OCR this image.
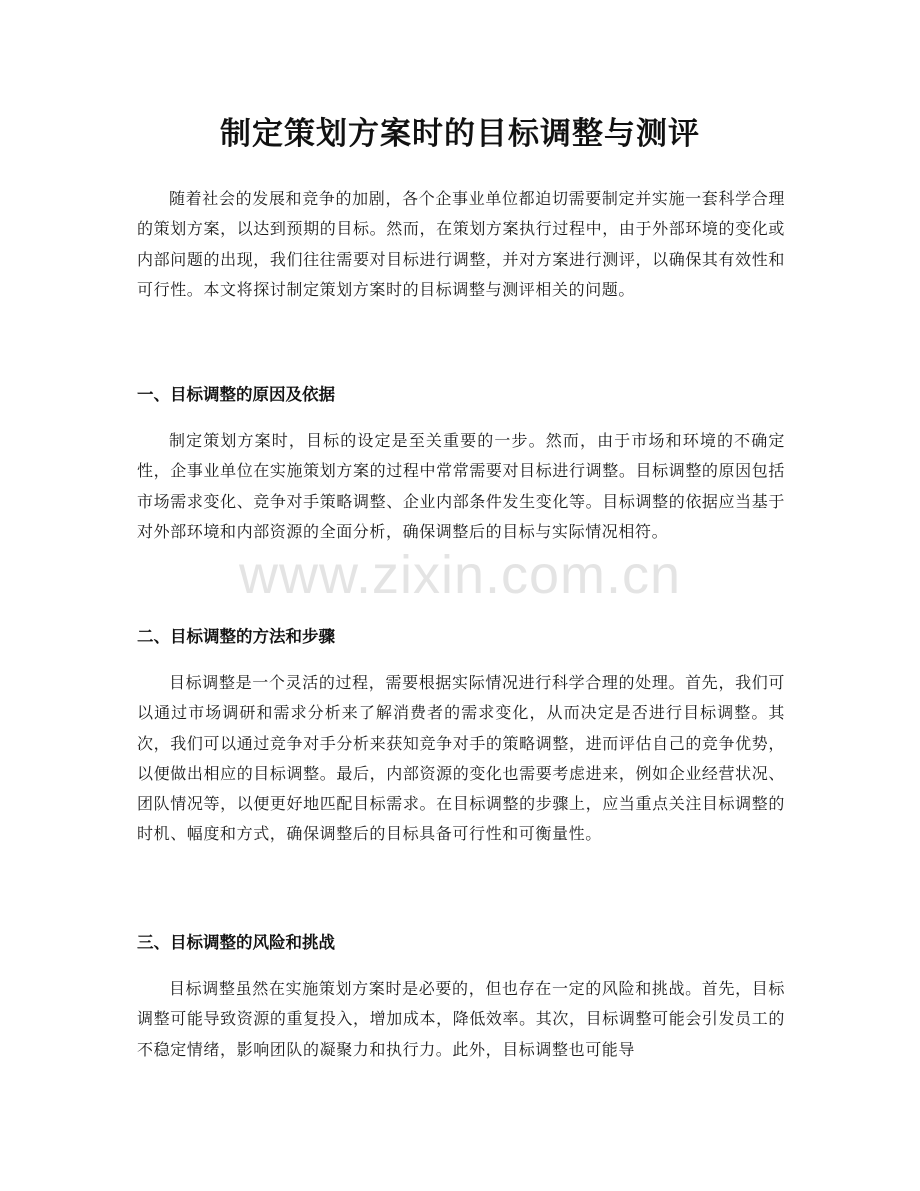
制定策划方案时的目标调整与测评

随着社会的发展和竞争的加剧，各个企事业单位都迫切需要制定并实施一套科学合理的策划方案，以达到预期的目标。然而，在策划方案执行过程中，由于外部环境的变化或内部问题的出现，我们往往需要对目标进行调整，并对方案进行测评，以确保其有效性和可行性。本文将探讨制定策划方案时的目标调整与测评相关的问题。

一、目标调整的原因及依据

制定策划方案时，目标的设定是至关重要的一步。然而，由于市场和环境的不确定性，企事业单位在实施策划方案的过程中常常需要对目标进行调整。目标调整的原因包括市场需求变化、竞争对手策略调整、企业内部条件发生变化等。目标调整的依据应当基于对外部环境和内部资源的全面分析，确保调整后的目标与实际情况相符。

二、目标调整的方法和步骤

目标调整是一个灵活的过程，需要根据实际情况进行科学合理的处理。首先，我们可以通过市场调研和需求分析来了解消费者的需求变化，从而决定是否进行目标调整。其次，我们可以通过竞争对手分析来获知竞争对手的策略调整，进而评估自己的竞争优势，以便做出相应的目标调整。最后，内部资源的变化也需要考虑进来，例如企业经营状况、团队情况等，以便更好地匹配目标需求。在目标调整的步骤上，应当重点关注目标调整的时机、幅度和方式，确保调整后的目标具备可行性和可衡量性。

三、目标调整的风险和挑战

目标调整虽然在实施策划方案时是必要的，但也存在一定的风险和挑战。首先，目标调整可能导致资源的重复投入，增加成本，降低效率。其次，目标调整可能会引发员工的不稳定情绪，影响团队的凝聚力和执行力。此外，目标调整也可能导

www.zixin.com.cn
